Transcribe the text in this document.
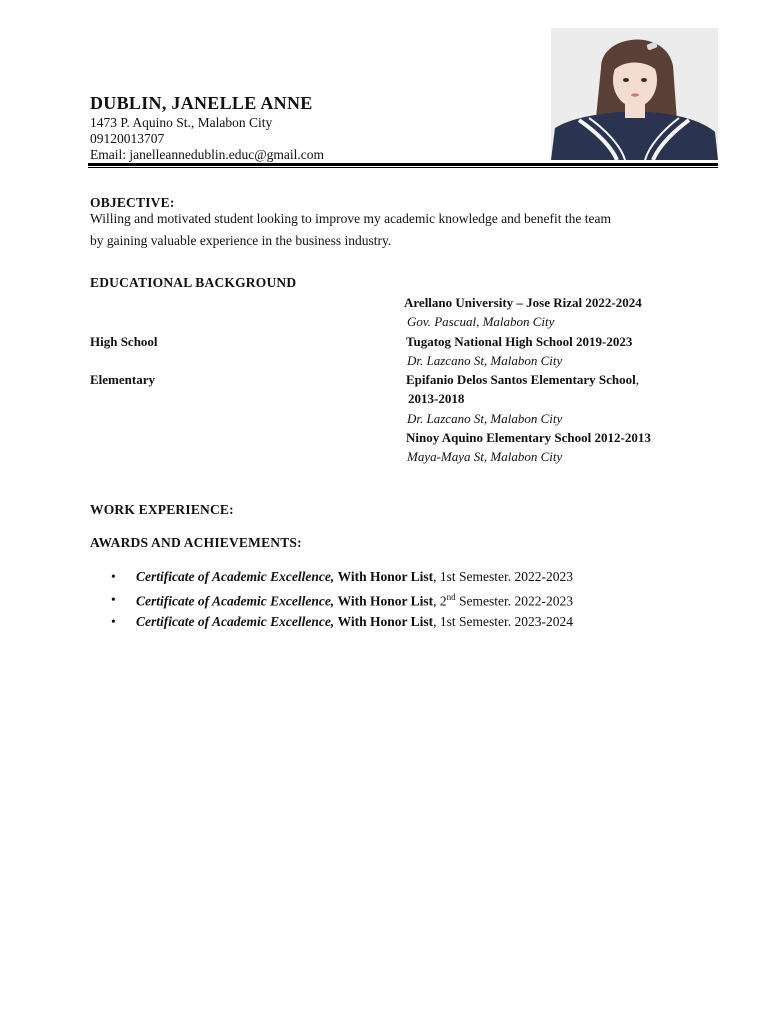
DUBLIN, JANELLE ANNE
1473 P. Aquino St., Malabon City
09120013707
Email: janelleannedublin.educ@gmail.com
OBJECTIVE:
Willing and motivated student looking to improve my academic knowledge and benefit the team
by gaining valuable experience in the business industry.
EDUCATIONAL BACKGROUND
Arellano University – Jose Rizal 2022-2024
Gov. Pascual, Malabon City
High School	Tugatog National High School 2019-2023
Dr. Lazcano St, Malabon City
Elementary	Epifanio Delos Santos Elementary School,
2013-2018
Dr. Lazcano St, Malabon City
Ninoy Aquino Elementary School 2012-2013
Maya-Maya St, Malabon City
WORK EXPERIENCE:
AWARDS AND ACHIEVEMENTS:
• Certificate of Academic Excellence, With Honor List, 1st Semester. 2022-2023
• Certificate of Academic Excellence, With Honor List, 2nd Semester. 2022-2023
• Certificate of Academic Excellence, With Honor List, 1st Semester. 2023-2024
